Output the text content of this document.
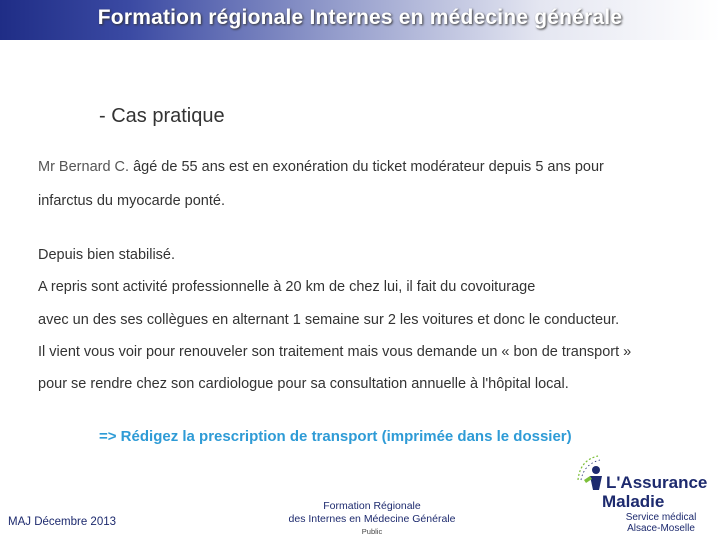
Formation régionale Internes en médecine générale
- Cas pratique
Mr Bernard C. âgé de 55 ans est en exonération du ticket modérateur depuis 5 ans pour
infarctus du myocarde ponté.
Depuis bien stabilisé.
A repris sont activité professionnelle à 20 km de chez lui, il fait du covoiturage
avec un des ses collègues en alternant 1 semaine sur 2 les voitures et donc le conducteur.
Il vient vous voir pour renouveler son traitement mais vous demande un « bon de transport »
pour se rendre chez son cardiologue pour sa consultation annuelle à l'hôpital local.
=> Rédigez la prescription de transport (imprimée dans le dossier)
MAJ Décembre 2013
Formation Régionale
des Internes en Médecine Générale
Public
L'Assurance
Maladie
Service médical
Alsace-Moselle
